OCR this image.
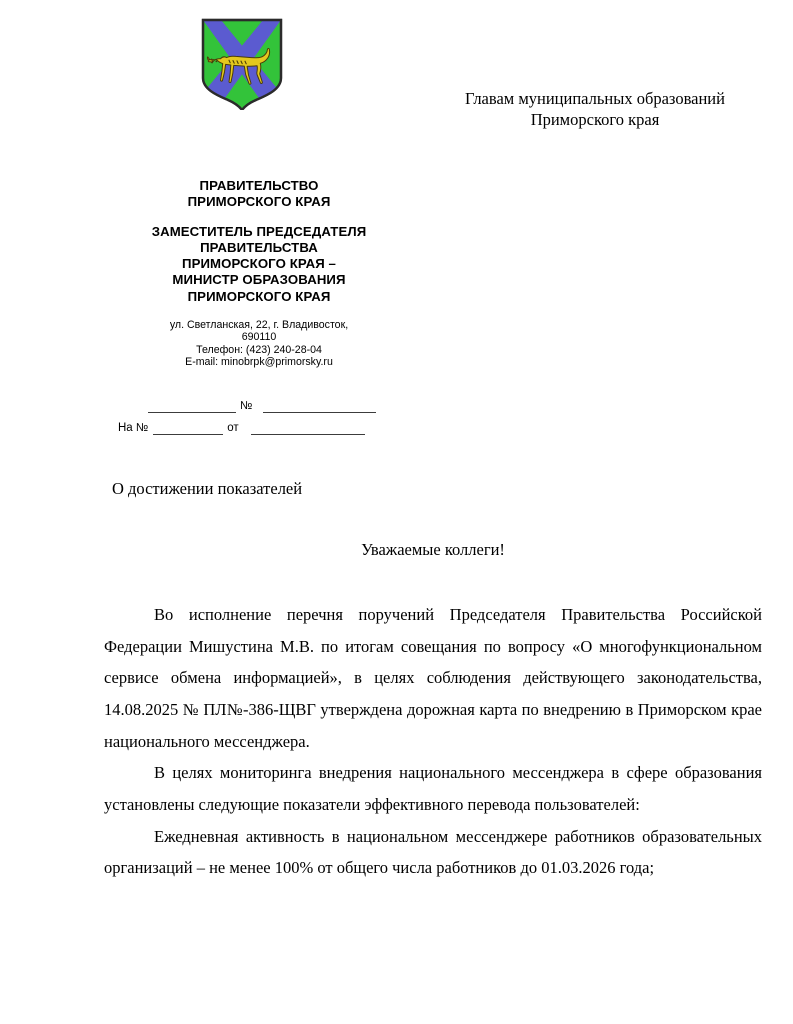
Главам муниципальных образований
Приморского края
ПРАВИТЕЛЬСТВО
ПРИМОРСКОГО КРАЯ
ЗАМЕСТИТЕЛЬ ПРЕДСЕДАТЕЛЯ
ПРАВИТЕЛЬСТВА
ПРИМОРСКОГО КРАЯ –
МИНИСТР ОБРАЗОВАНИЯ
ПРИМОРСКОГО КРАЯ
ул. Светланская, 22, г. Владивосток,
690110
Телефон: (423) 240-28-04
E-mail: minobrpk@primorsky.ru
№
На №	от
О достижении показателей
Уважаемые коллеги!

Во исполнение перечня поручений Председателя Правительства Российской Федерации Мишустина М.В. по итогам совещания по вопросу «О многофункциональном сервисе обмена информацией», в целях соблюдения действующего законодательства, 14.08.2025 № ПЛ№-386-ЩВГ утверждена дорожная карта по внедрению в Приморском крае национального мессенджера.

В целях мониторинга внедрения национального мессенджера в сфере образования установлены следующие показатели эффективного перевода пользователей:

Ежедневная активность в национальном мессенджере работников образовательных организаций – не менее 100% от общего числа работников до 01.03.2026 года;
